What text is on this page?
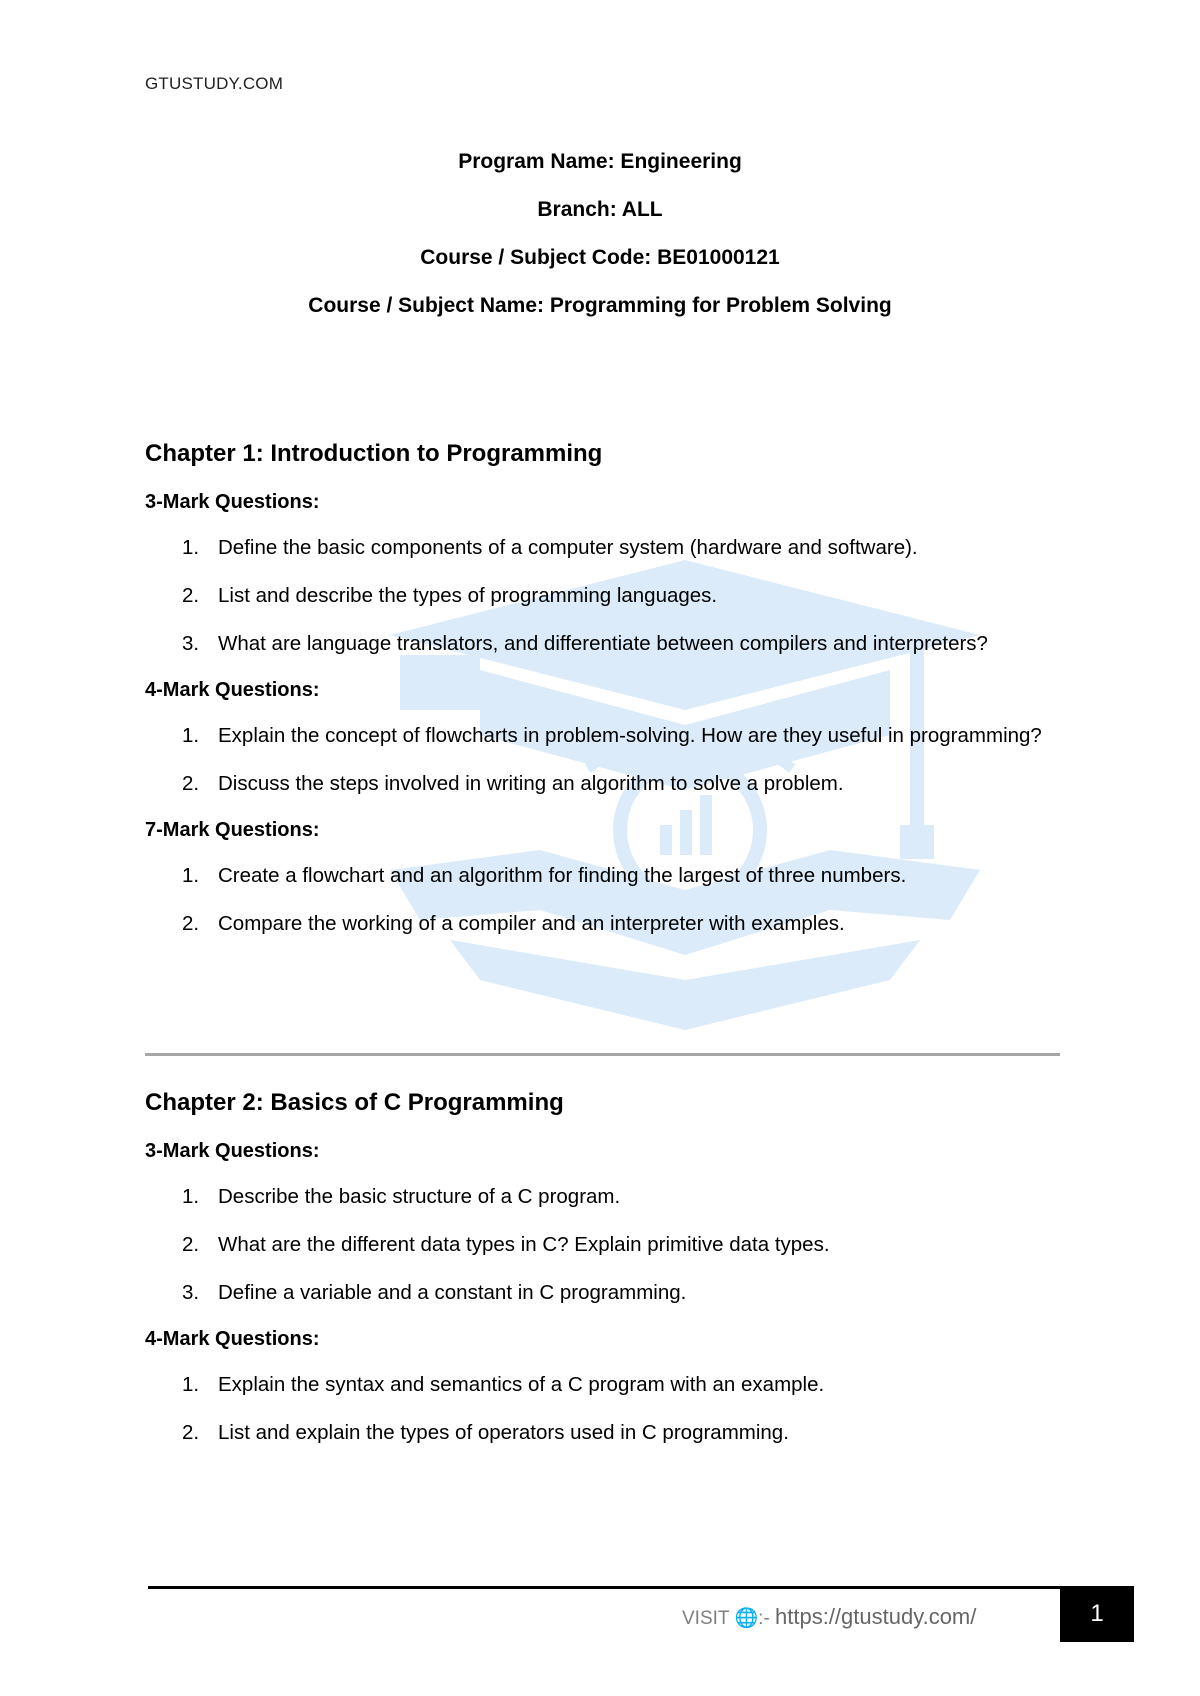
GTUSTUDY.COM
Program Name: Engineering
Branch: ALL
Course / Subject Code: BE01000121
Course / Subject Name: Programming for Problem Solving
Chapter 1: Introduction to Programming
3-Mark Questions:
1. Define the basic components of a computer system (hardware and software).
2. List and describe the types of programming languages.
3. What are language translators, and differentiate between compilers and interpreters?
4-Mark Questions:
1. Explain the concept of flowcharts in problem-solving. How are they useful in programming?
2. Discuss the steps involved in writing an algorithm to solve a problem.
7-Mark Questions:
1. Create a flowchart and an algorithm for finding the largest of three numbers.
2. Compare the working of a compiler and an interpreter with examples.
Chapter 2: Basics of C Programming
3-Mark Questions:
1. Describe the basic structure of a C program.
2. What are the different data types in C? Explain primitive data types.
3. Define a variable and a constant in C programming.
4-Mark Questions:
1. Explain the syntax and semantics of a C program with an example.
2. List and explain the types of operators used in C programming.
VISIT 🌐:- https://gtustudy.com/	1
